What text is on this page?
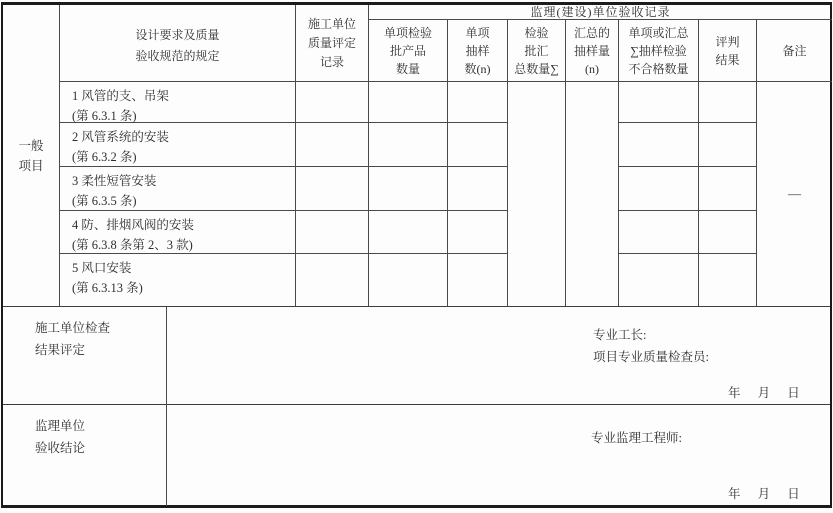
一般
项目
设计要求及质量
验收规范的规定
施工单位
质量评定
记录
监理(建设)单位验收记录
单项检验
批产品
数量
单项
抽样
数(n)
检验
批汇
总数量∑
汇总的
抽样量
(n)
单项或汇总
∑抽样检验
不合格数量
评判
结果
备注
1 风管的支、吊架
(第 6.3.1 条)
2 风管系统的安装
(第 6.3.2 条)
3 柔性短管安装
(第 6.3.5 条)
4 防、排烟风阀的安装
(第 6.3.8 条第 2、3 款)
5 风口安装
(第 6.3.13 条)
—
施工单位检查
结果评定
专业工长:
项目专业质量检查员:
年 月 日
监理单位
验收结论
专业监理工程师:
年 月 日
